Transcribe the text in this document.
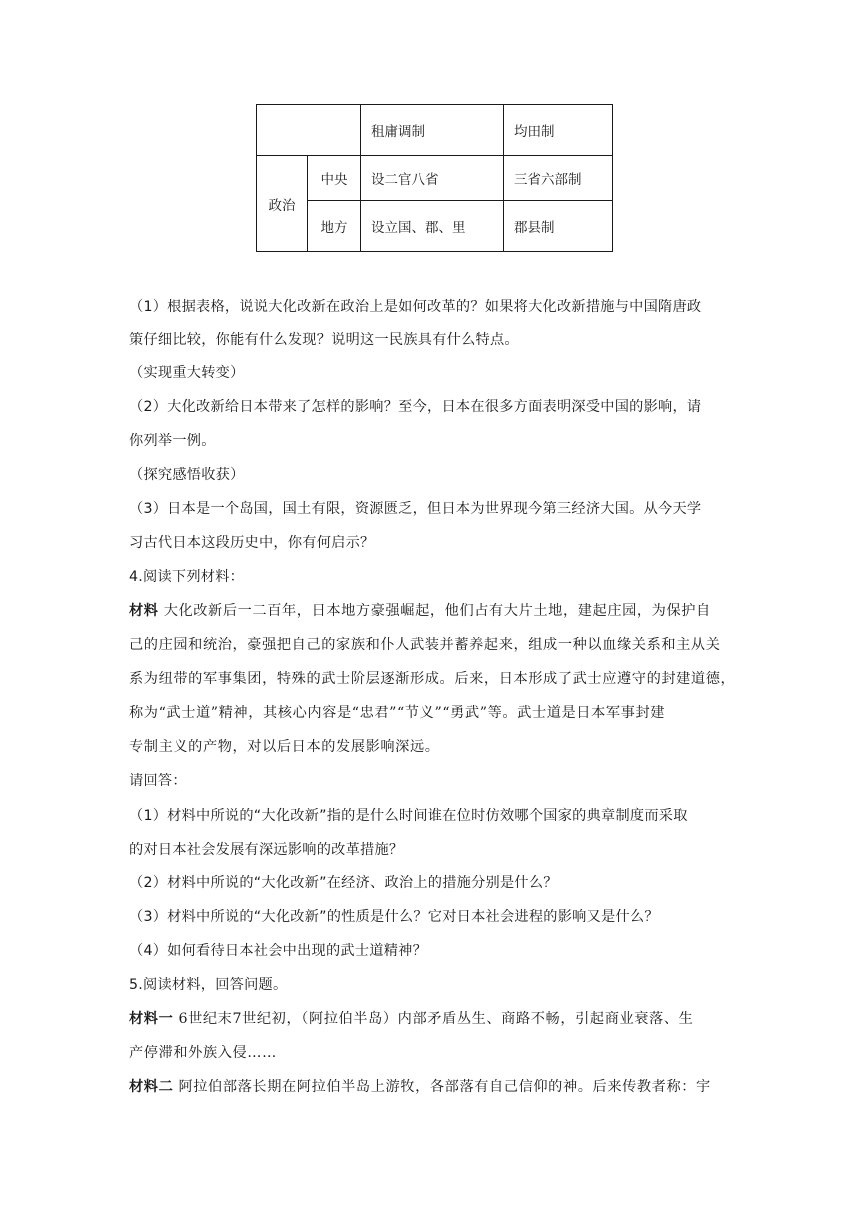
		租庸调制	均田制
政治	中央	设二官八省	三省六部制
	地方	设立国、郡、里	郡县制
（1）根据表格，说说大化改新在政治上是如何改革的？如果将大化改新措施与中国隋唐政
策仔细比较，你能有什么发现？说明这一民族具有什么特点。
（实现重大转变）
（2）大化改新给日本带来了怎样的影响？至今，日本在很多方面表明深受中国的影响，请
你列举一例。
（探究感悟收获）
（3）日本是一个岛国，国土有限，资源匮乏，但日本为世界现今第三经济大国。从今天学
习古代日本这段历史中，你有何启示？
4.阅读下列材料：
材料 大化改新后一二百年，日本地方豪强崛起，他们占有大片土地，建起庄园，为保护自
己的庄园和统治，豪强把自己的家族和仆人武装并蓄养起来，组成一种以血缘关系和主从关
系为纽带的军事集团，特殊的武士阶层逐渐形成。后来，日本形成了武士应遵守的封建道德，
称为“武士道”精神，其核心内容是“忠君”“节义”“勇武”等。武士道是日本军事封建
专制主义的产物，对以后日本的发展影响深远。
请回答：
（1）材料中所说的“大化改新”指的是什么时间谁在位时仿效哪个国家的典章制度而采取
的对日本社会发展有深远影响的改革措施？
（2）材料中所说的“大化改新”在经济、政治上的措施分别是什么？
（3）材料中所说的“大化改新”的性质是什么？它对日本社会进程的影响又是什么？
（4）如何看待日本社会中出现的武士道精神？
5.阅读材料，回答问题。
材料一 6世纪末7世纪初，（阿拉伯半岛）内部矛盾丛生、商路不畅，引起商业衰落、生
产停滞和外族入侵……
材料二 阿拉伯部落长期在阿拉伯半岛上游牧，各部落有自己信仰的神。后来传教者称：宇
